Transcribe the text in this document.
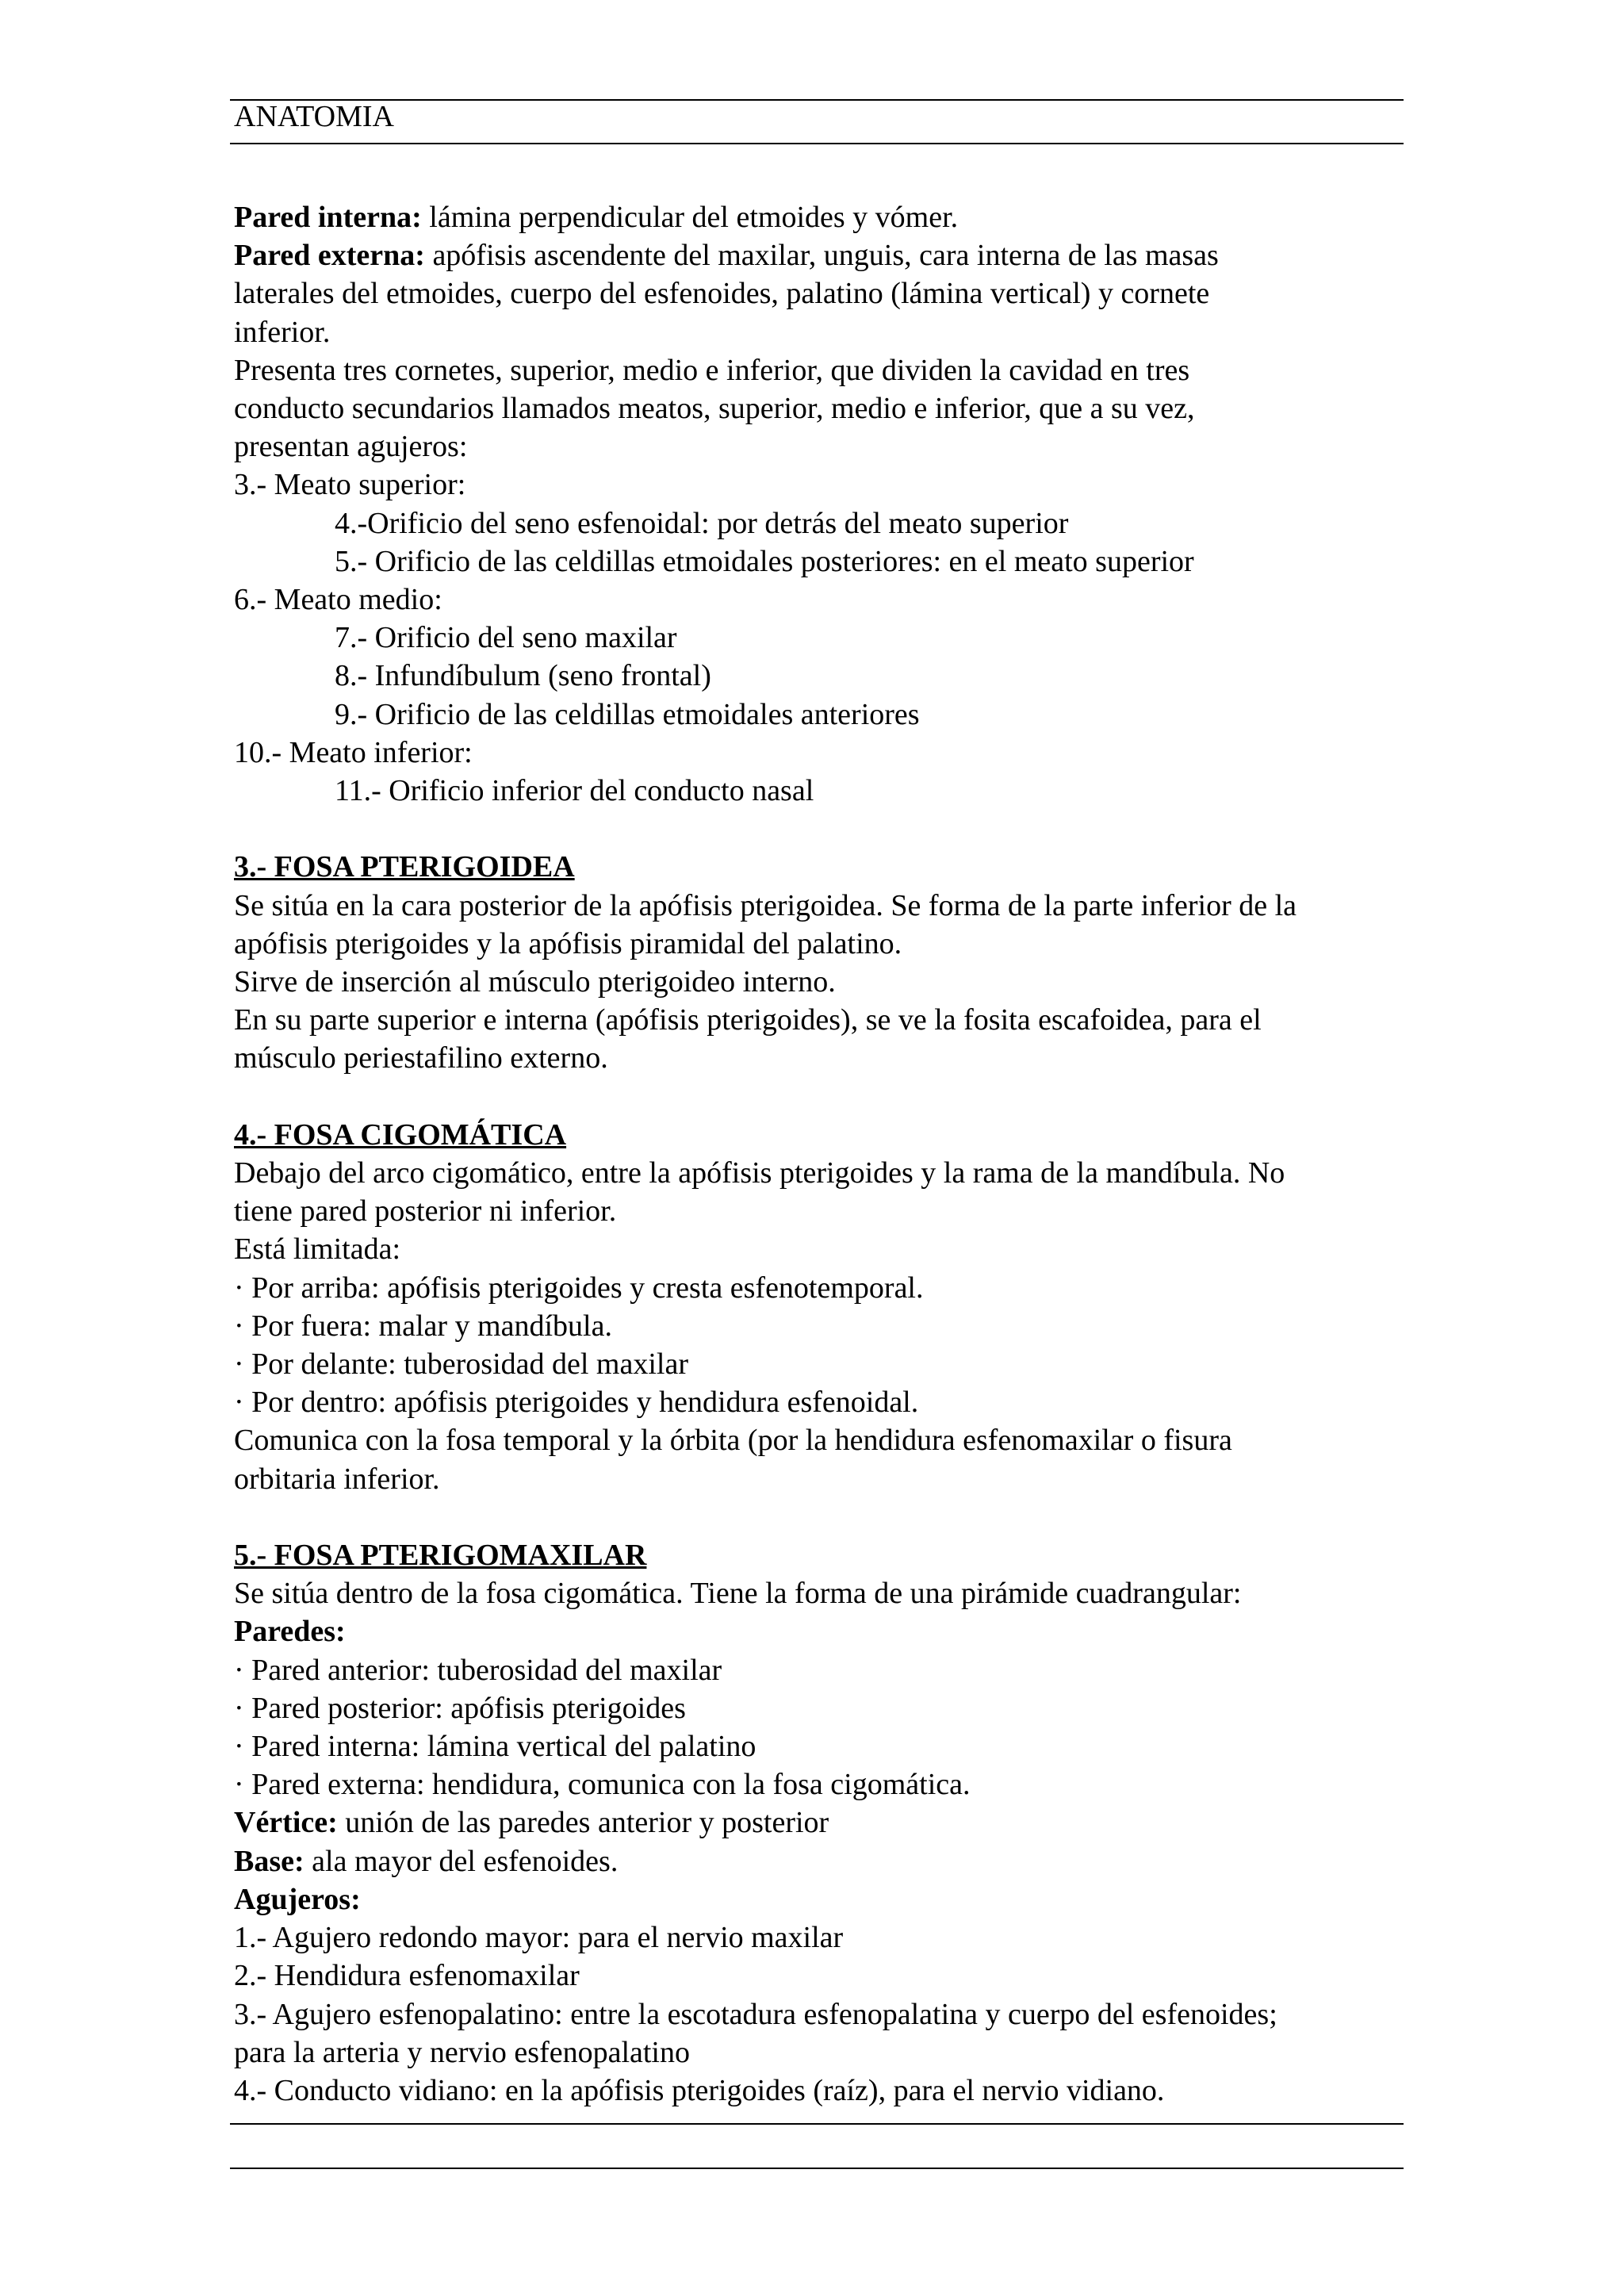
ANATOMIA
Pared interna: lámina perpendicular del etmoides y vómer.
Pared externa: apófisis ascendente del maxilar, unguis, cara interna de las masas
laterales del etmoides, cuerpo del esfenoides, palatino (lámina vertical) y cornete
inferior.
Presenta tres cornetes, superior, medio e inferior, que dividen la cavidad en tres
conducto secundarios llamados meatos, superior, medio e inferior, que a su vez,
presentan agujeros:
3.- Meato superior:
4.-Orificio del seno esfenoidal: por detrás del meato superior
5.- Orificio de las celdillas etmoidales posteriores: en el meato superior
6.- Meato medio:
7.- Orificio del seno maxilar
8.- Infundíbulum (seno frontal)
9.- Orificio de las celdillas etmoidales anteriores
10.- Meato inferior:
11.- Orificio inferior del conducto nasal
3.- FOSA PTERIGOIDEA
Se sitúa en la cara posterior de la apófisis pterigoidea. Se forma de la parte inferior de la
apófisis pterigoides y la apófisis piramidal del palatino.
Sirve de inserción al músculo pterigoideo interno.
En su parte superior e interna (apófisis pterigoides), se ve la fosita escafoidea, para el
músculo periestafilino externo.
4.- FOSA CIGOMÁTICA
Debajo del arco cigomático, entre la apófisis pterigoides y la rama de la mandíbula. No
tiene pared posterior ni inferior.
Está limitada:
· Por arriba: apófisis pterigoides y cresta esfenotemporal.
· Por fuera: malar y mandíbula.
· Por delante: tuberosidad del maxilar
· Por dentro: apófisis pterigoides y hendidura esfenoidal.
Comunica con la fosa temporal y la órbita (por la hendidura esfenomaxilar o fisura
orbitaria inferior.
5.- FOSA PTERIGOMAXILAR
Se sitúa dentro de la fosa cigomática. Tiene la forma de una pirámide cuadrangular:
Paredes:
· Pared anterior: tuberosidad del maxilar
· Pared posterior: apófisis pterigoides
· Pared interna: lámina vertical del palatino
· Pared externa: hendidura, comunica con la fosa cigomática.
Vértice: unión de las paredes anterior y posterior
Base: ala mayor del esfenoides.
Agujeros:
1.- Agujero redondo mayor: para el nervio maxilar
2.- Hendidura esfenomaxilar
3.- Agujero esfenopalatino: entre la escotadura esfenopalatina y cuerpo del esfenoides;
para la arteria y nervio esfenopalatino
4.- Conducto vidiano: en la apófisis pterigoides (raíz), para el nervio vidiano.
